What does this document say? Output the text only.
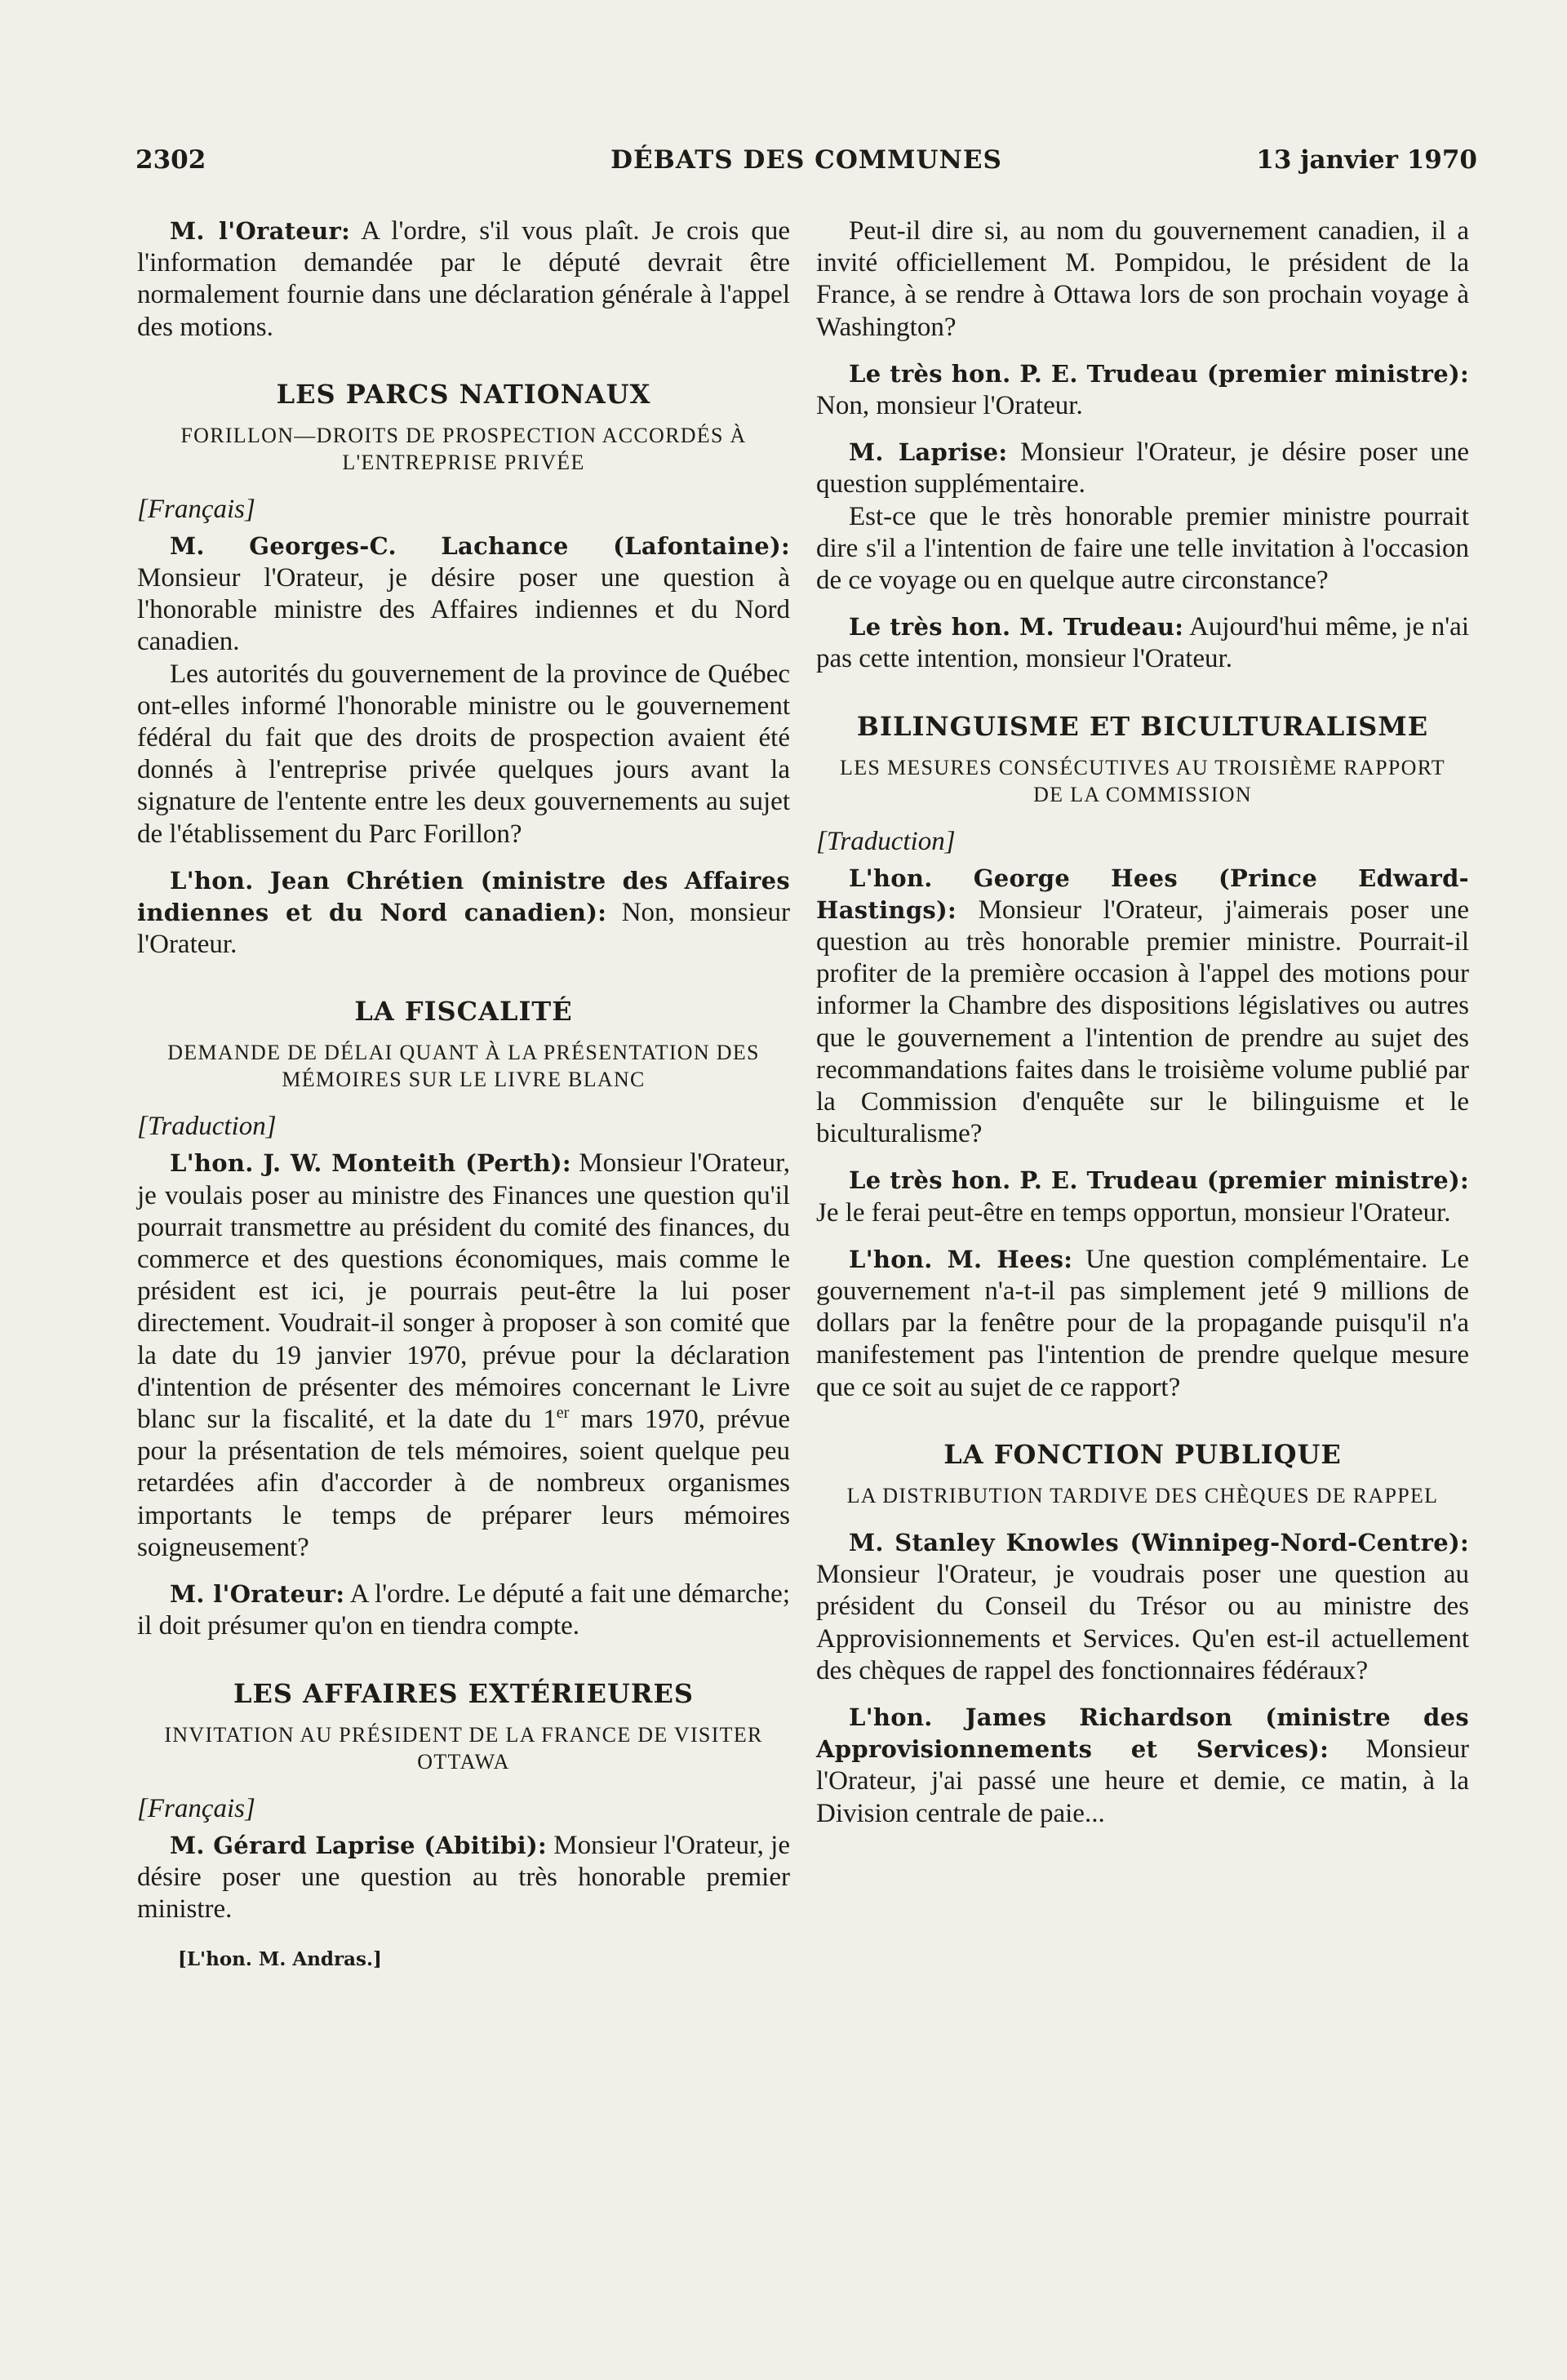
2302	DÉBATS DES COMMUNES	13 janvier 1970

M. l'Orateur: A l'ordre, s'il vous plaît. Je crois que l'information demandée par le député devrait être normalement fournie dans une déclaration générale à l'appel des motions.

LES PARCS NATIONAUX
FORILLON—DROITS DE PROSPECTION ACCORDÉS À L'ENTREPRISE PRIVÉE
[Français]

M. Georges-C. Lachance (Lafontaine): Monsieur l'Orateur, je désire poser une question à l'honorable ministre des Affaires indiennes et du Nord canadien.

Les autorités du gouvernement de la province de Québec ont-elles informé l'honorable ministre ou le gouvernement fédéral du fait que des droits de prospection avaient été donnés à l'entreprise privée quelques jours avant la signature de l'entente entre les deux gouvernements au sujet de l'établissement du Parc Forillon?

L'hon. Jean Chrétien (ministre des Affaires indiennes et du Nord canadien): Non, monsieur l'Orateur.

LA FISCALITÉ
DEMANDE DE DÉLAI QUANT À LA PRÉSENTATION DES MÉMOIRES SUR LE LIVRE BLANC
[Traduction]

L'hon. J. W. Monteith (Perth): Monsieur l'Orateur, je voulais poser au ministre des Finances une question qu'il pourrait transmettre au président du comité des finances, du commerce et des questions économiques, mais comme le président est ici, je pourrais peut-être la lui poser directement. Voudrait-il songer à proposer à son comité que la date du 19 janvier 1970, prévue pour la déclaration d'intention de présenter des mémoires concernant le Livre blanc sur la fiscalité, et la date du 1er mars 1970, prévue pour la présentation de tels mémoires, soient quelque peu retardées afin d'accorder à de nombreux organismes importants le temps de préparer leurs mémoires soigneusement?

M. l'Orateur: A l'ordre. Le député a fait une démarche; il doit présumer qu'on en tiendra compte.

LES AFFAIRES EXTÉRIEURES
INVITATION AU PRÉSIDENT DE LA FRANCE DE VISITER OTTAWA
[Français]

M. Gérard Laprise (Abitibi): Monsieur l'Orateur, je désire poser une question au très honorable premier ministre.

[L'hon. M. Andras.]

Peut-il dire si, au nom du gouvernement canadien, il a invité officiellement M. Pompidou, le président de la France, à se rendre à Ottawa lors de son prochain voyage à Washington?

Le très hon. P. E. Trudeau (premier ministre): Non, monsieur l'Orateur.

M. Laprise: Monsieur l'Orateur, je désire poser une question supplémentaire.

Est-ce que le très honorable premier ministre pourrait dire s'il a l'intention de faire une telle invitation à l'occasion de ce voyage ou en quelque autre circonstance?

Le très hon. M. Trudeau: Aujourd'hui même, je n'ai pas cette intention, monsieur l'Orateur.

BILINGUISME ET BICULTURALISME
LES MESURES CONSÉCUTIVES AU TROISIÈME RAPPORT DE LA COMMISSION
[Traduction]

L'hon. George Hees (Prince Edward-Hastings): Monsieur l'Orateur, j'aimerais poser une question au très honorable premier ministre. Pourrait-il profiter de la première occasion à l'appel des motions pour informer la Chambre des dispositions législatives ou autres que le gouvernement a l'intention de prendre au sujet des recommandations faites dans le troisième volume publié par la Commission d'enquête sur le bilinguisme et le biculturalisme?

Le très hon. P. E. Trudeau (premier ministre): Je le ferai peut-être en temps opportun, monsieur l'Orateur.

L'hon. M. Hees: Une question complémentaire. Le gouvernement n'a-t-il pas simplement jeté 9 millions de dollars par la fenêtre pour de la propagande puisqu'il n'a manifestement pas l'intention de prendre quelque mesure que ce soit au sujet de ce rapport?

LA FONCTION PUBLIQUE
LA DISTRIBUTION TARDIVE DES CHÈQUES DE RAPPEL

M. Stanley Knowles (Winnipeg-Nord-Centre): Monsieur l'Orateur, je voudrais poser une question au président du Conseil du Trésor ou au ministre des Approvisionnements et Services. Qu'en est-il actuellement des chèques de rappel des fonctionnaires fédéraux?

L'hon. James Richardson (ministre des Approvisionnements et Services): Monsieur l'Orateur, j'ai passé une heure et demie, ce matin, à la Division centrale de paie...
